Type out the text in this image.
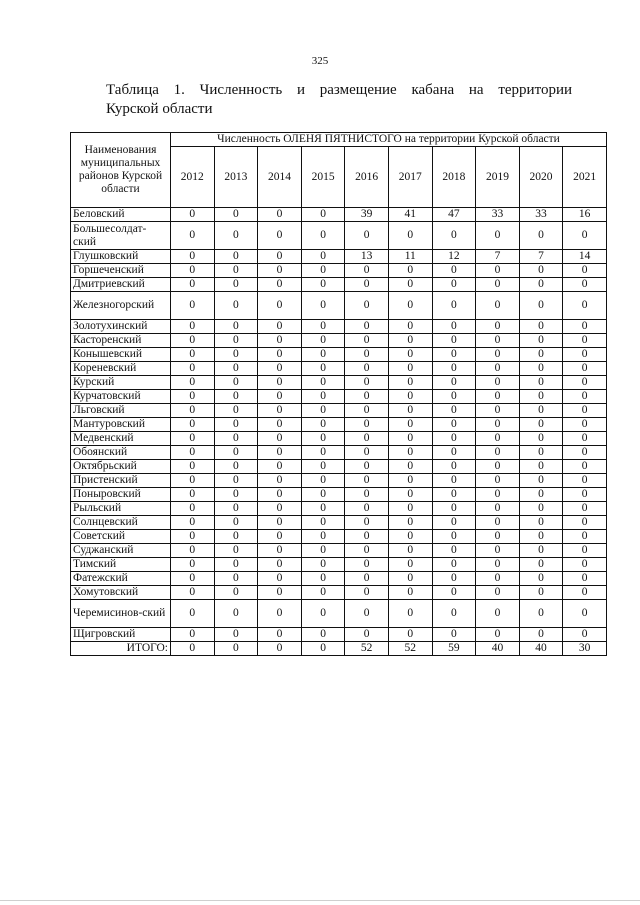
325
Таблица 1. Численность и размещение кабана на территории
Курской области
Наименования муниципальных районов Курской области	Численность ОЛЕНЯ ПЯТНИСТОГО на территории Курской области									
	2012	2013	2014	2015	2016	2017	2018	2019	2020	2021
Беловский	0	0	0	0	39	41	47	33	33	16
Большесолдат-ский	0	0	0	0	0	0	0	0	0	0
Глушковский	0	0	0	0	13	11	12	7	7	14
Горшеченский	0	0	0	0	0	0	0	0	0	0
Дмитриевский	0	0	0	0	0	0	0	0	0	0
Железногорский	0	0	0	0	0	0	0	0	0	0
Золотухинский	0	0	0	0	0	0	0	0	0	0
Касторенский	0	0	0	0	0	0	0	0	0	0
Конышевский	0	0	0	0	0	0	0	0	0	0
Кореневский	0	0	0	0	0	0	0	0	0	0
Курский	0	0	0	0	0	0	0	0	0	0
Курчатовский	0	0	0	0	0	0	0	0	0	0
Льговский	0	0	0	0	0	0	0	0	0	0
Мантуровский	0	0	0	0	0	0	0	0	0	0
Медвенский	0	0	0	0	0	0	0	0	0	0
Обоянский	0	0	0	0	0	0	0	0	0	0
Октябрьский	0	0	0	0	0	0	0	0	0	0
Пристенский	0	0	0	0	0	0	0	0	0	0
Поныровский	0	0	0	0	0	0	0	0	0	0
Рыльский	0	0	0	0	0	0	0	0	0	0
Солнцевский	0	0	0	0	0	0	0	0	0	0
Советский	0	0	0	0	0	0	0	0	0	0
Суджанский	0	0	0	0	0	0	0	0	0	0
Тимский	0	0	0	0	0	0	0	0	0	0
Фатежский	0	0	0	0	0	0	0	0	0	0
Хомутовский	0	0	0	0	0	0	0	0	0	0
Черемисинов-ский	0	0	0	0	0	0	0	0	0	0
Щигровский	0	0	0	0	0	0	0	0	0	0
ИТОГО:	0	0	0	0	52	52	59	40	40	30
